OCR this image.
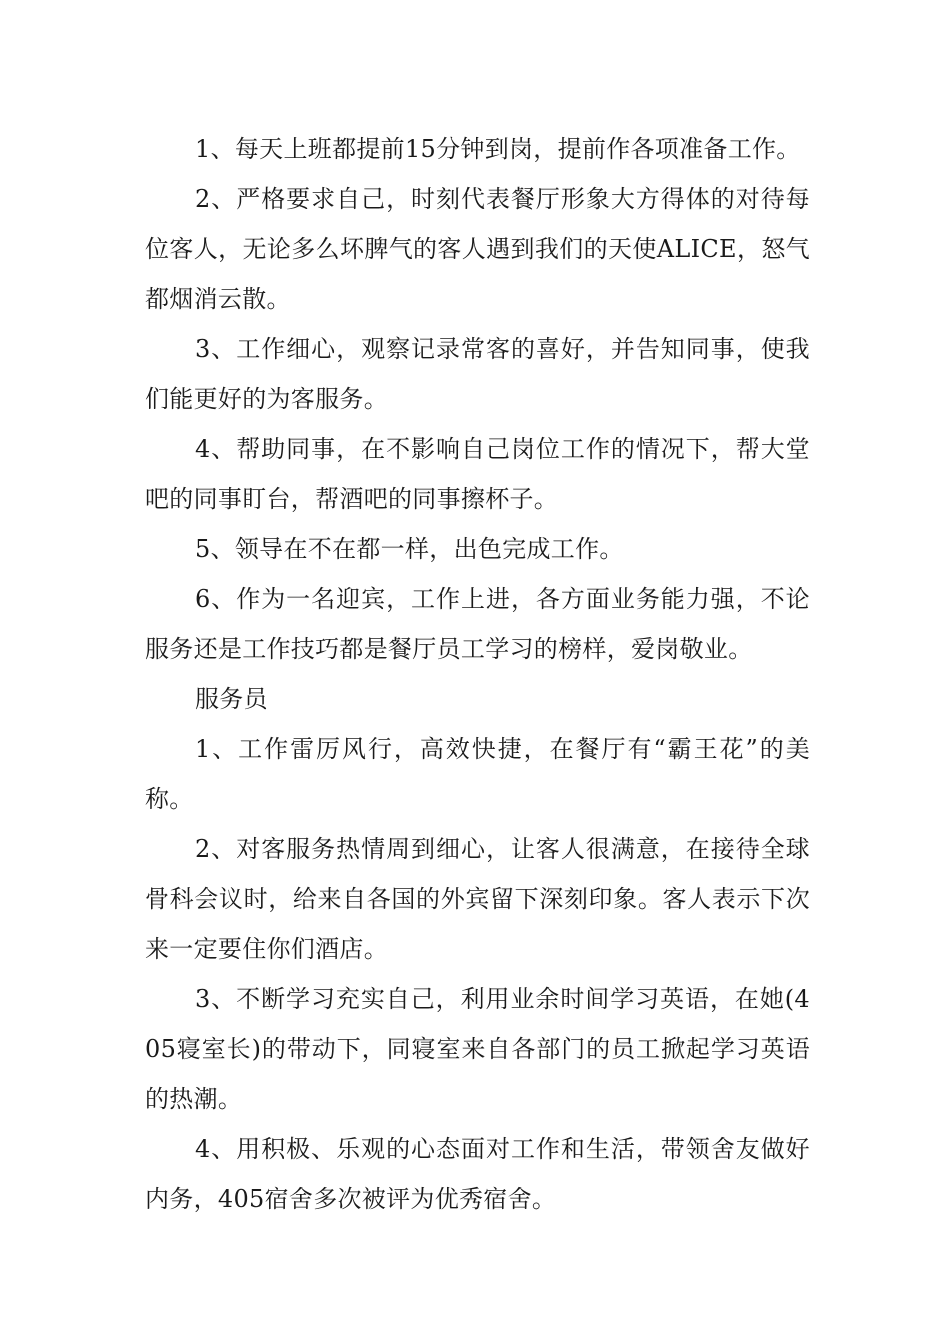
1、每天上班都提前15分钟到岗，提前作各项准备工作。

2、严格要求自己，时刻代表餐厅形象大方得体的对待每位客人，无论多么坏脾气的客人遇到我们的天使ALICE，怒气都烟消云散。

3、工作细心，观察记录常客的喜好，并告知同事，使我们能更好的为客服务。

4、帮助同事，在不影响自己岗位工作的情况下，帮大堂吧的同事盯台，帮酒吧的同事擦杯子。

5、领导在不在都一样，出色完成工作。

6、作为一名迎宾，工作上进，各方面业务能力强，不论服务还是工作技巧都是餐厅员工学习的榜样，爱岗敬业。

服务员

1、工作雷厉风行，高效快捷，在餐厅有“霸王花”的美称。

2、对客服务热情周到细心，让客人很满意，在接待全球骨科会议时，给来自各国的外宾留下深刻印象。客人表示下次来一定要住你们酒店。

3、不断学习充实自己，利用业余时间学习英语，在她(405寝室长)的带动下，同寝室来自各部门的员工掀起学习英语的热潮。

4、用积极、乐观的心态面对工作和生活，带领舍友做好内务，405宿舍多次被评为优秀宿舍。
